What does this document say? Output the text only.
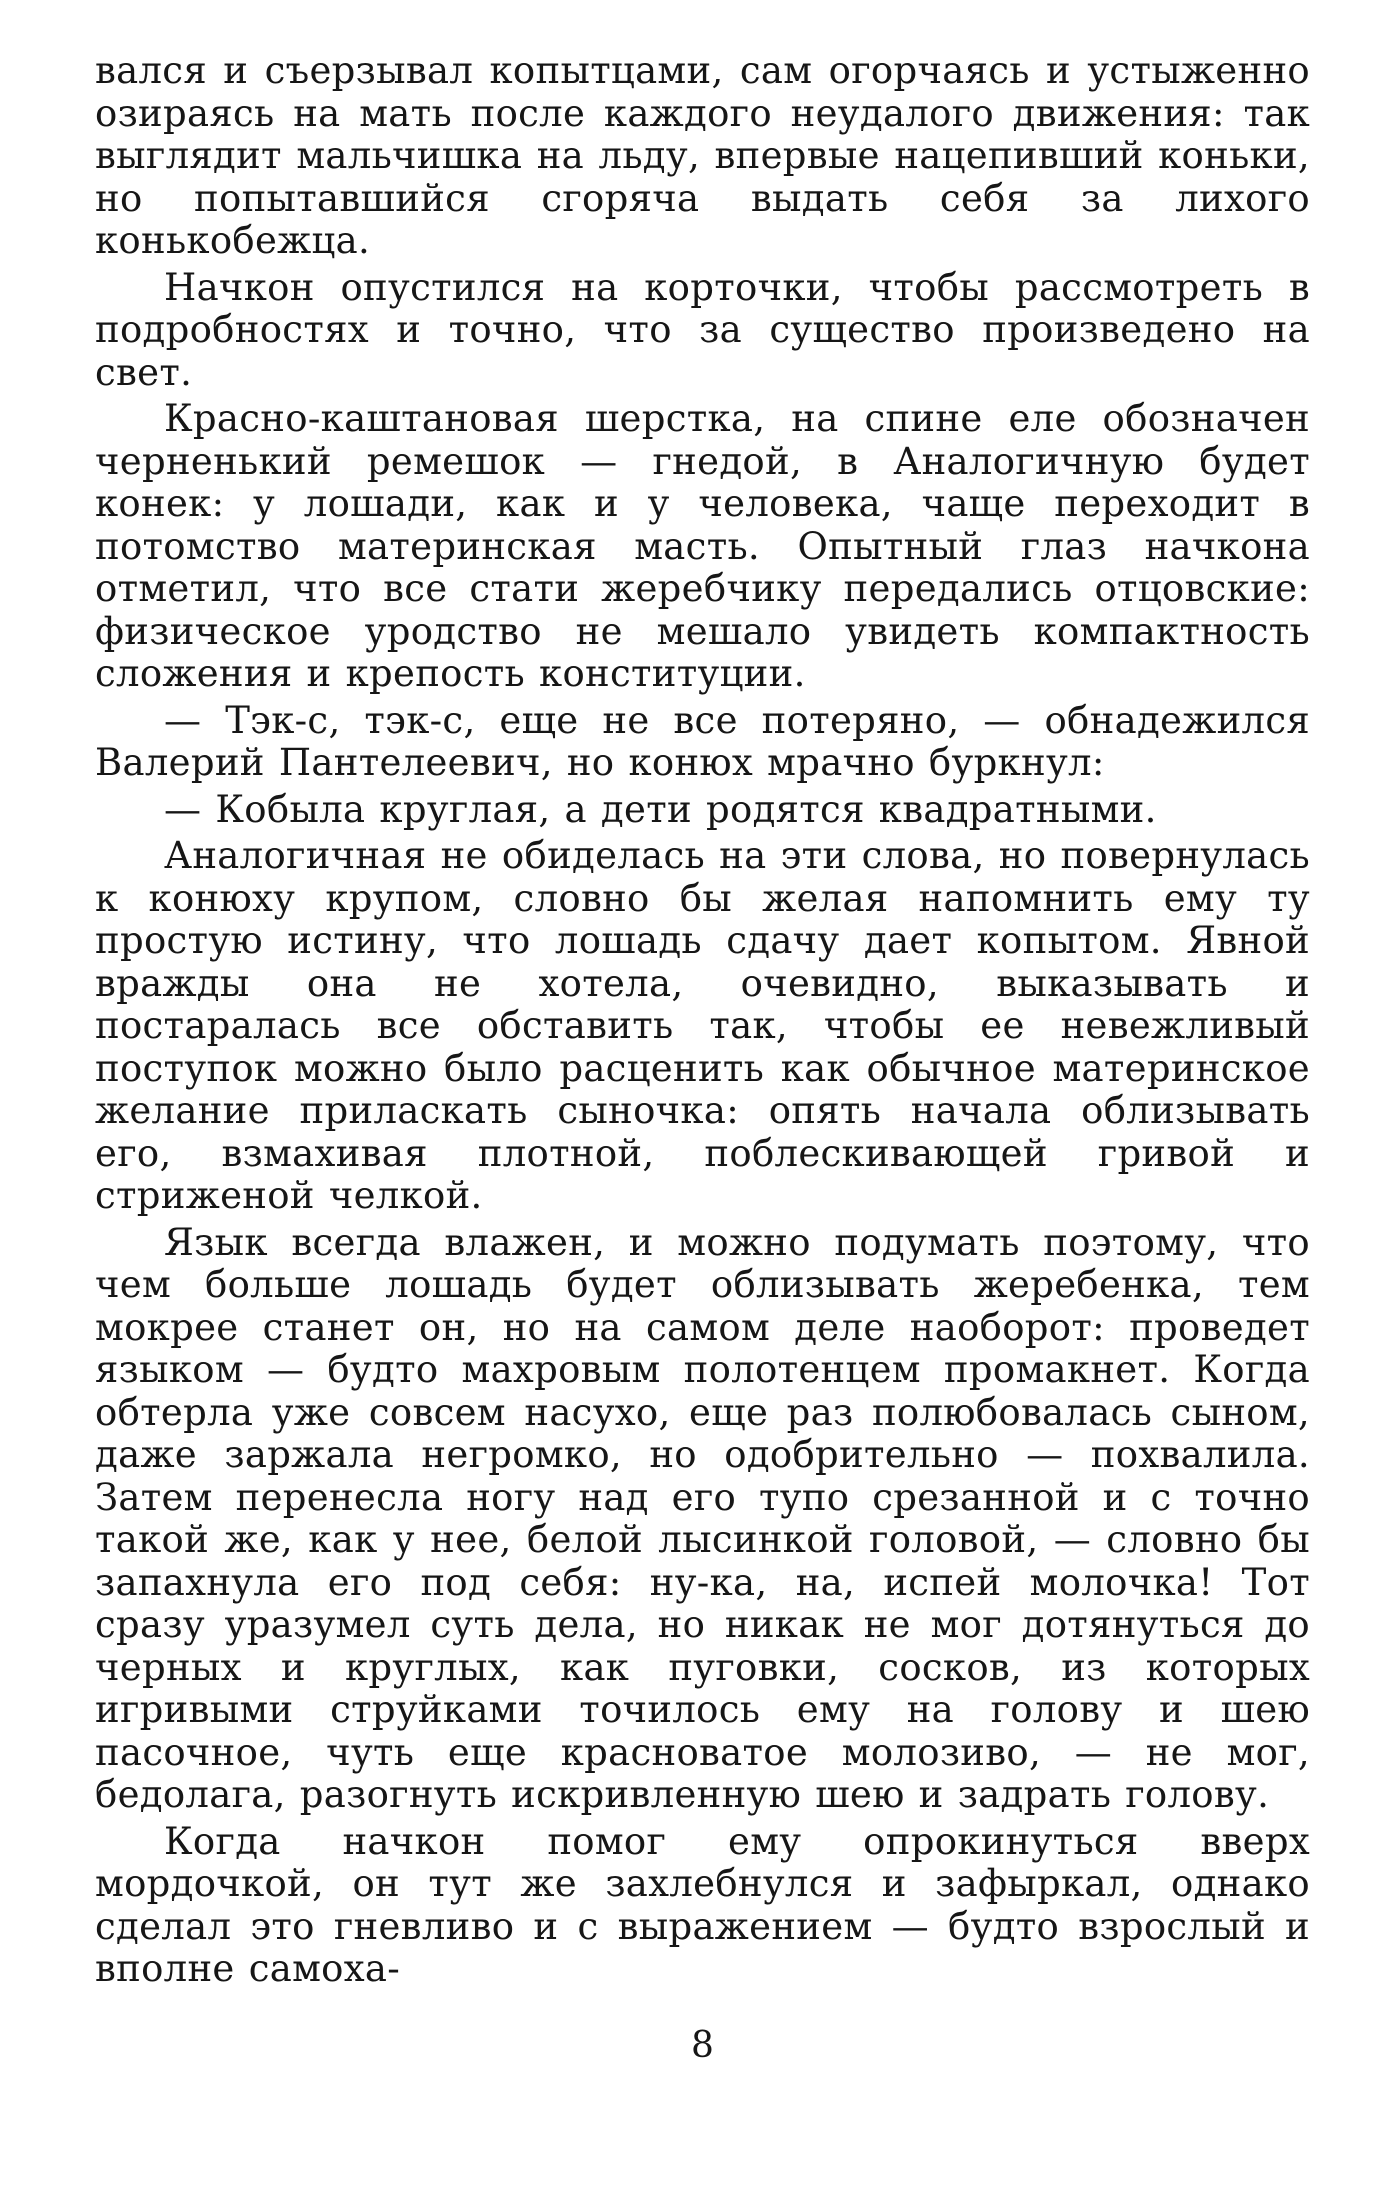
вался и съерзывал копытцами, сам огорчаясь и устыженно озираясь на мать после каждого неудалого движения: так выглядит мальчишка на льду, впервые нацепивший коньки, но попытавшийся сгоряча выдать себя за лихого конькобежца.

Начкон опустился на корточки, чтобы рассмотреть в подробностях и точно, что за существо произведено на свет.

Красно-каштановая шерстка, на спине еле обозначен черненький ремешок — гнедой, в Аналогичную будет конек: у лошади, как и у человека, чаще переходит в потомство материнская масть. Опытный глаз начкона отметил, что все стати жеребчику передались отцовские: физическое уродство не мешало увидеть компактность сложения и крепость конституции.

— Тэк-с, тэк-с, еще не все потеряно, — обнадежился Валерий Пантелеевич, но конюх мрачно буркнул:

— Кобыла круглая, а дети родятся квадратными.

Аналогичная не обиделась на эти слова, но повернулась к конюху крупом, словно бы желая напомнить ему ту простую истину, что лошадь сдачу дает копытом. Явной вражды она не хотела, очевидно, выказывать и постаралась все обставить так, чтобы ее невежливый поступок можно было расценить как обычное материнское желание приласкать сыночка: опять начала облизывать его, взмахивая плотной, поблескивающей гривой и стриженой челкой.

Язык всегда влажен, и можно подумать поэтому, что чем больше лошадь будет облизывать жеребенка, тем мокрее станет он, но на самом деле наоборот: проведет языком — будто махровым полотенцем промакнет. Когда обтерла уже совсем насухо, еще раз полюбовалась сыном, даже заржала негромко, но одобрительно — похвалила. Затем перенесла ногу над его тупо срезанной и с точно такой же, как у нее, белой лысинкой головой, — словно бы запахнула его под себя: ну-ка, на, испей молочка! Тот сразу уразумел суть дела, но никак не мог дотянуться до черных и круглых, как пуговки, сосков, из которых игривыми струйками точилось ему на голову и шею пасочное, чуть еще красноватое молозиво, — не мог, бедолага, разогнуть искривленную шею и задрать голову.

Когда начкон помог ему опрокинуться вверх мордочкой, он тут же захлебнулся и зафыркал, однако сделал это гневливо и с выражением — будто взрослый и вполне самоха-

8
